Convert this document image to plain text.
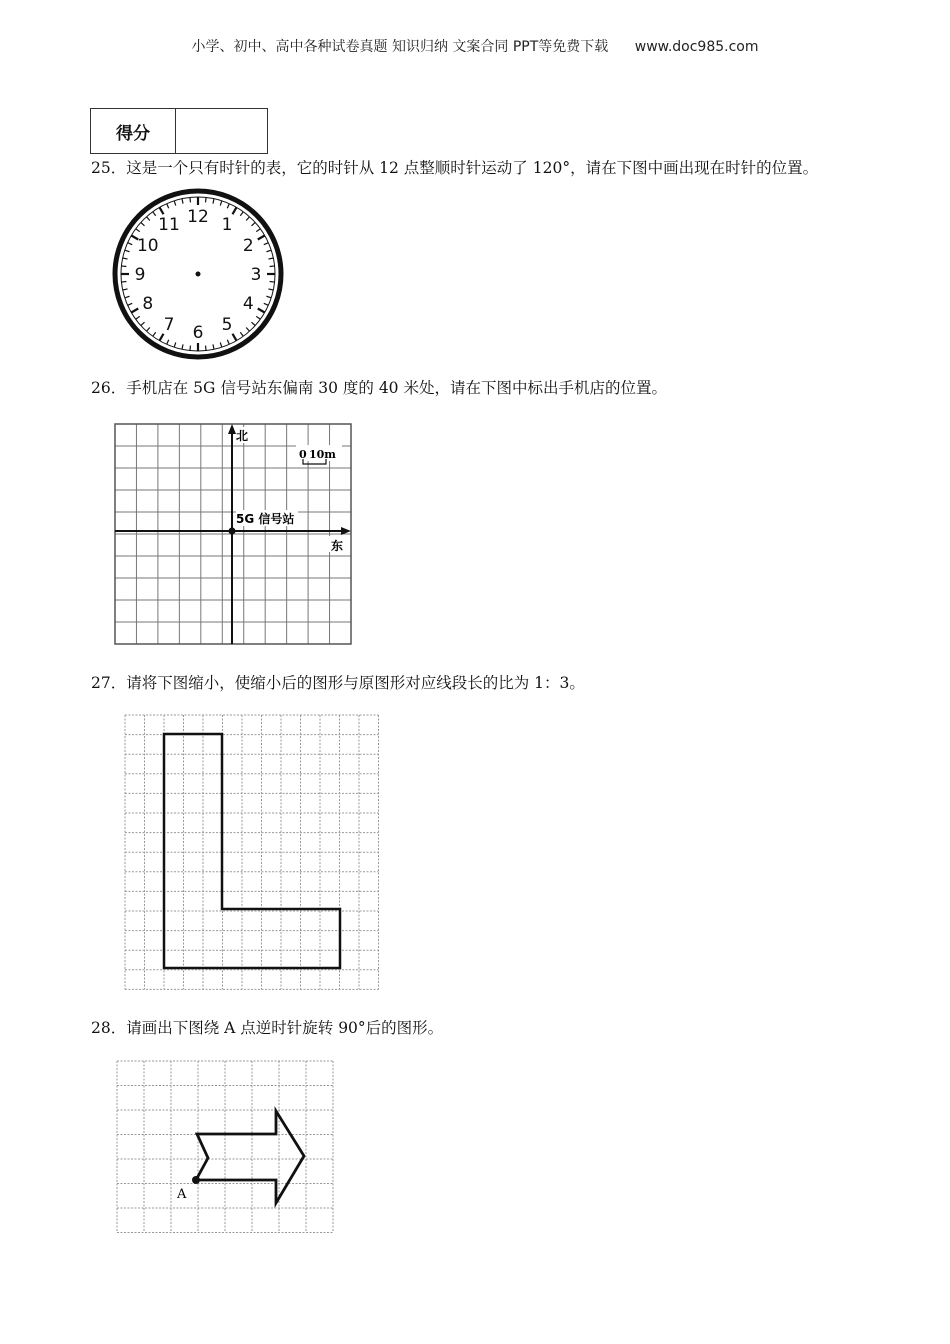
小学、初中、高中各种试卷真题 知识归纳 文案合同 PPT等免费下载 www.doc985.com
得分	
25．这是一个只有时针的表，它的时针从 12 点整顺时针运动了 120°，请在下图中画出现在时针的位置。
12 1
2
3
4
5
6
7
8
9
10
11
26．手机店在 5G 信号站东偏南 30 度的 40 米处，请在下图中标出手机店的位置。
5G 信号站
北
东
0 10m
27．请将下图缩小，使缩小后的图形与原图形对应线段长的比为 1：3。
28．请画出下图绕 A 点逆时针旋转 90°后的图形。
A
